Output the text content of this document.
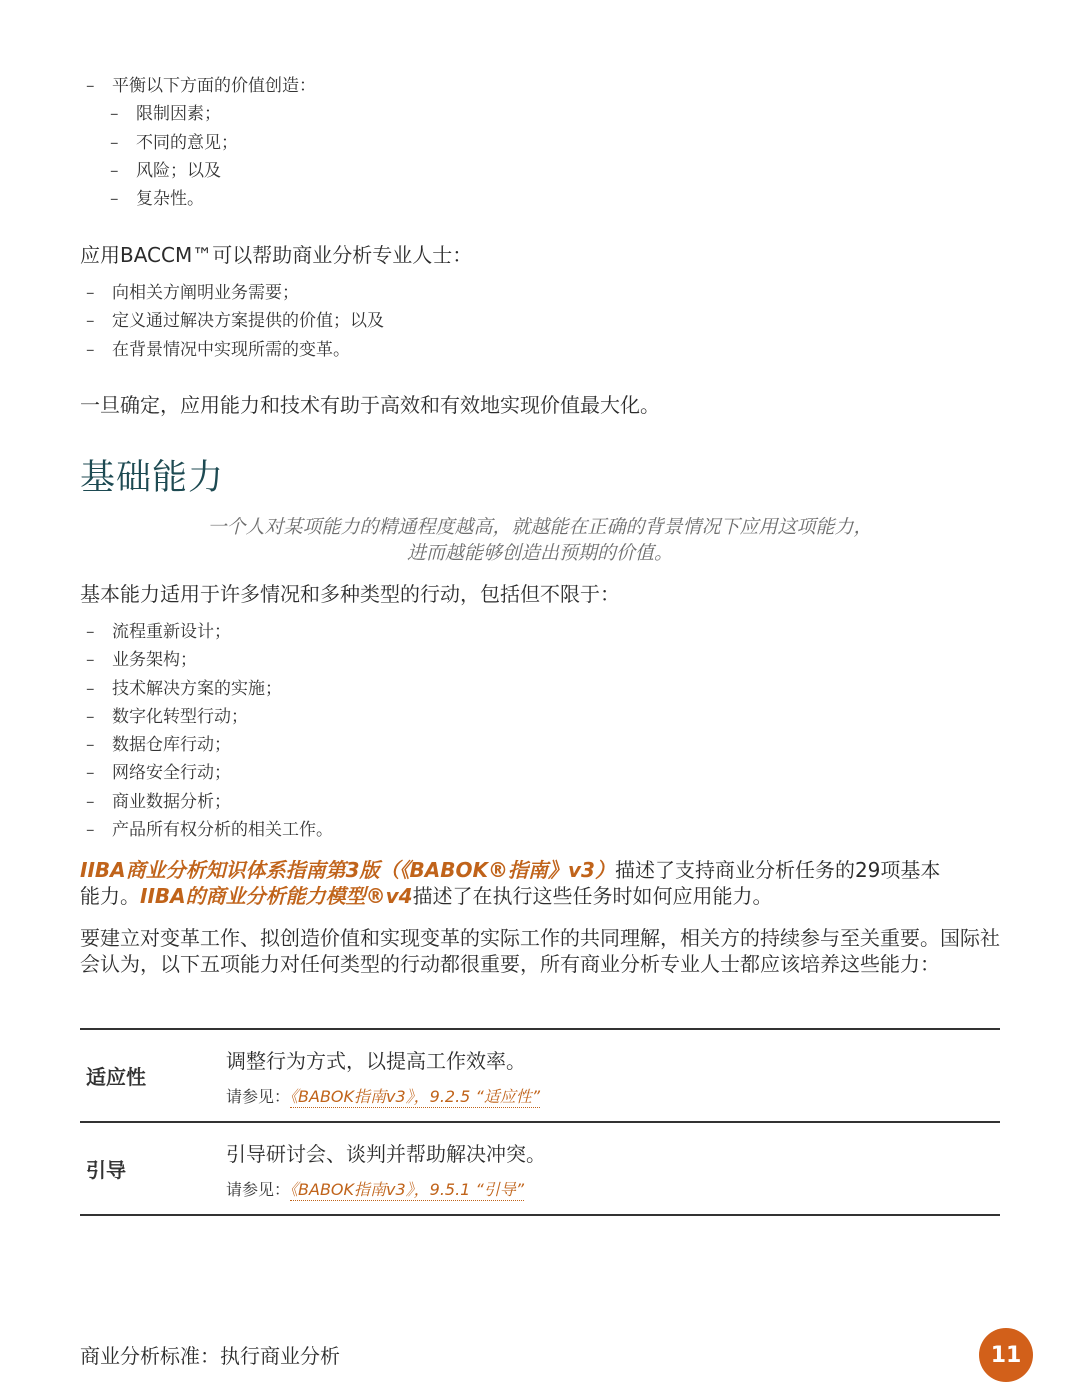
– 平衡以下方面的价值创造：
– 限制因素；
– 不同的意见；
– 风险；以及
– 复杂性。

应用BACCM™可以帮助商业分析专业人士：

– 向相关方阐明业务需要；
– 定义通过解决方案提供的价值；以及
– 在背景情况中实现所需的变革。

一旦确定，应用能力和技术有助于高效和有效地实现价值最大化。

基础能力

一个人对某项能力的精通程度越高，就越能在正确的背景情况下应用这项能力，

进而越能够创造出预期的价值。

基本能力适用于许多情况和多种类型的行动，包括但不限于：

– 流程重新设计；
– 业务架构；
– 技术解决方案的实施；
– 数字化转型行动；
– 数据仓库行动；
– 网络安全行动；
– 商业数据分析；
– 产品所有权分析的相关工作。

IIBA商业分析知识体系指南第3版（《BABOK®指南》v3）描述了支持商业分析任务的29项基本
能力。IIBA的商业分析能力模型®v4描述了在执行这些任务时如何应用能力。

要建立对变革工作、拟创造价值和实现变革的实际工作的共同理解，相关方的持续参与至关重要。国际社会认为，以下五项能力对任何类型的行动都很重要，所有商业分析专业人士都应该培养这些能力：

适应性	调整行为方式，以提高工作效率。
请参见：《BABOK指南v3》，9.2.5 “适应性”

引导	引导研讨会、谈判并帮助解决冲突。
请参见：《BABOK指南v3》，9.5.1 “引导”
商业分析标准：执行商业分析	11
